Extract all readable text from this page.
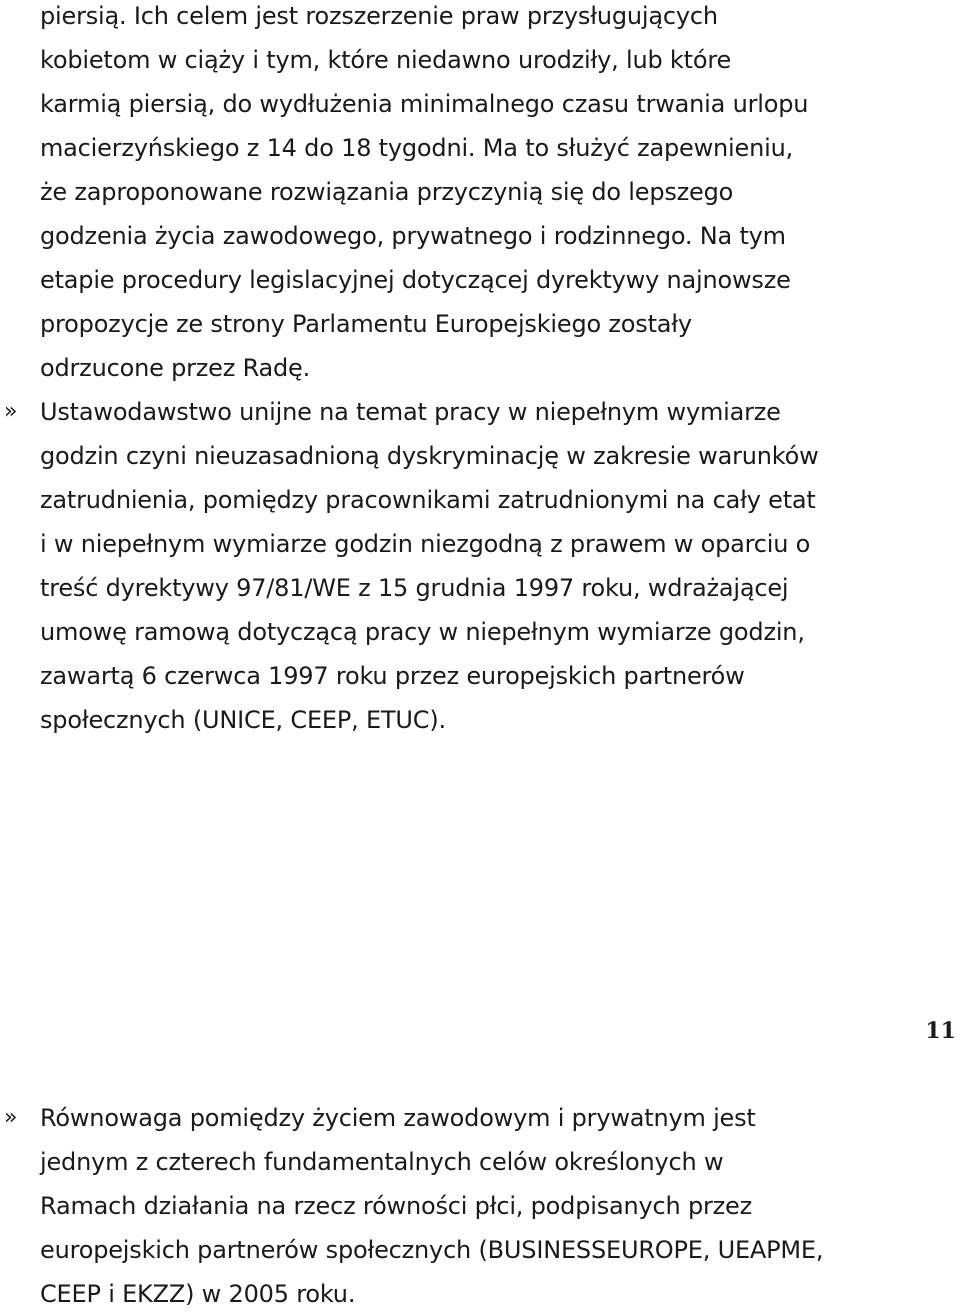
piersią. Ich celem jest rozszerzenie praw przysługujących
kobietom w ciąży i tym, które niedawno urodziły, lub które
karmią piersią, do wydłużenia minimalnego czasu trwania urlopu
macierzyńskiego z 14 do 18 tygodni. Ma to służyć zapewnieniu,
że zaproponowane rozwiązania przyczynią się do lepszego
godzenia życia zawodowego, prywatnego i rodzinnego. Na tym
etapie procedury legislacyjnej dotyczącej dyrektywy najnowsze
propozycje ze strony Parlamentu Europejskiego zostały
odrzucone przez Radę.
» Ustawodawstwo unijne na temat pracy w niepełnym wymiarze
godzin czyni nieuzasadnioną dyskryminację w zakresie warunków
zatrudnienia, pomiędzy pracownikami zatrudnionymi na cały etat
i w niepełnym wymiarze godzin niezgodną z prawem w oparciu o
treść dyrektywy 97/81/WE z 15 grudnia 1997 roku, wdrażającej
umowę ramową dotyczącą pracy w niepełnym wymiarze godzin,
zawartą 6 czerwca 1997 roku przez europejskich partnerów
społecznych (UNICE, CEEP, ETUC).
» Równowaga pomiędzy życiem zawodowym i prywatnym jest
jednym z czterech fundamentalnych celów określonych w
Ramach działania na rzecz równości płci, podpisanych przez
europejskich partnerów społecznych (BUSINESSEUROPE, UEAPME,
CEEP i EKZZ) w 2005 roku.
11
